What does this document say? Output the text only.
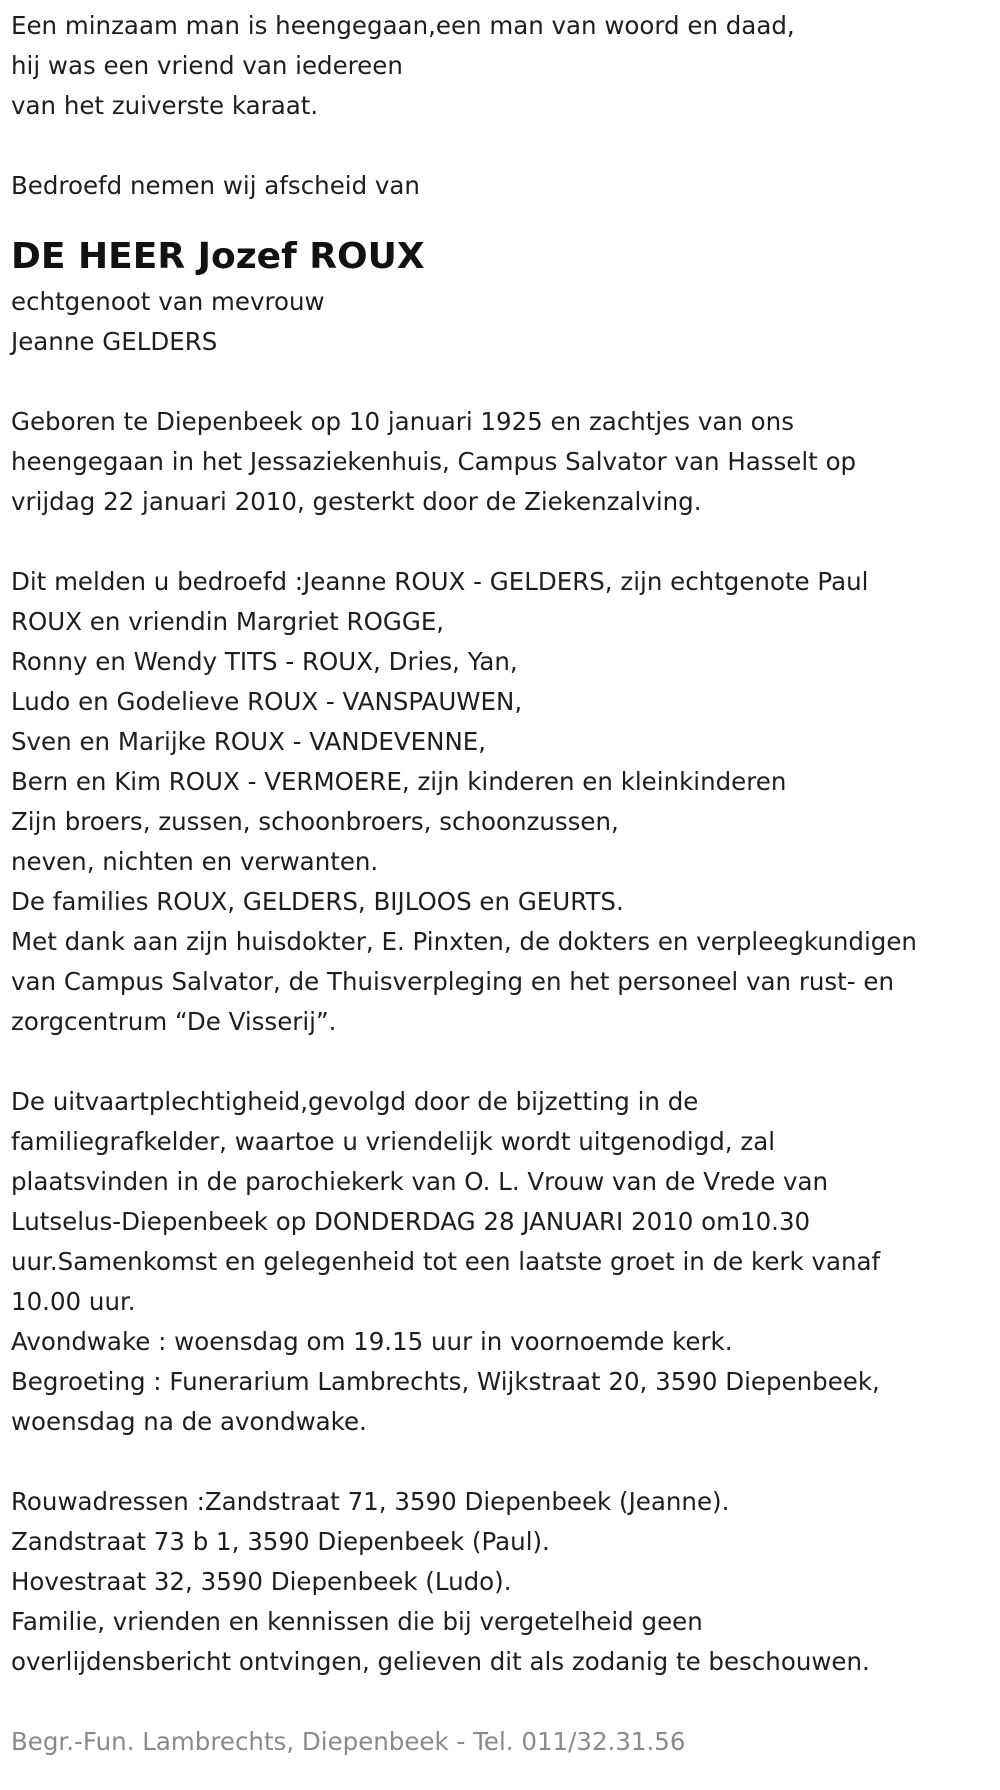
Een minzaam man is heengegaan,een man van woord en daad,
hij was een vriend van iedereen
van het zuiverste karaat.
Bedroefd nemen wij afscheid van
DE HEER Jozef ROUX
echtgenoot van mevrouw
Jeanne GELDERS
Geboren te Diepenbeek op 10 januari 1925 en zachtjes van ons
heengegaan in het Jessaziekenhuis, Campus Salvator van Hasselt op
vrijdag 22 januari 2010, gesterkt door de Ziekenzalving.
Dit melden u bedroefd :Jeanne ROUX - GELDERS, zijn echtgenote Paul
ROUX en vriendin Margriet ROGGE,
Ronny en Wendy TITS - ROUX, Dries, Yan,
Ludo en Godelieve ROUX - VANSPAUWEN,
Sven en Marijke ROUX - VANDEVENNE,
Bern en Kim ROUX - VERMOERE, zijn kinderen en kleinkinderen
Zijn broers, zussen, schoonbroers, schoonzussen,
neven, nichten en verwanten.
De families ROUX, GELDERS, BIJLOOS en GEURTS.
Met dank aan zijn huisdokter, E. Pinxten, de dokters en verpleegkundigen
van Campus Salvator, de Thuisverpleging en het personeel van rust- en
zorgcentrum “De Visserij”.
De uitvaartplechtigheid,gevolgd door de bijzetting in de
familiegrafkelder, waartoe u vriendelijk wordt uitgenodigd, zal
plaatsvinden in de parochiekerk van O. L. Vrouw van de Vrede van
Lutselus-Diepenbeek op DONDERDAG 28 JANUARI 2010 om10.30
uur.Samenkomst en gelegenheid tot een laatste groet in de kerk vanaf
10.00 uur.
Avondwake : woensdag om 19.15 uur in voornoemde kerk.
Begroeting : Funerarium Lambrechts, Wijkstraat 20, 3590 Diepenbeek,
woensdag na de avondwake.
Rouwadressen :Zandstraat 71, 3590 Diepenbeek (Jeanne).
Zandstraat 73 b 1, 3590 Diepenbeek (Paul).
Hovestraat 32, 3590 Diepenbeek (Ludo).
Familie, vrienden en kennissen die bij vergetelheid geen
overlijdensbericht ontvingen, gelieven dit als zodanig te beschouwen.
Begr.-Fun. Lambrechts, Diepenbeek - Tel. 011/32.31.56
